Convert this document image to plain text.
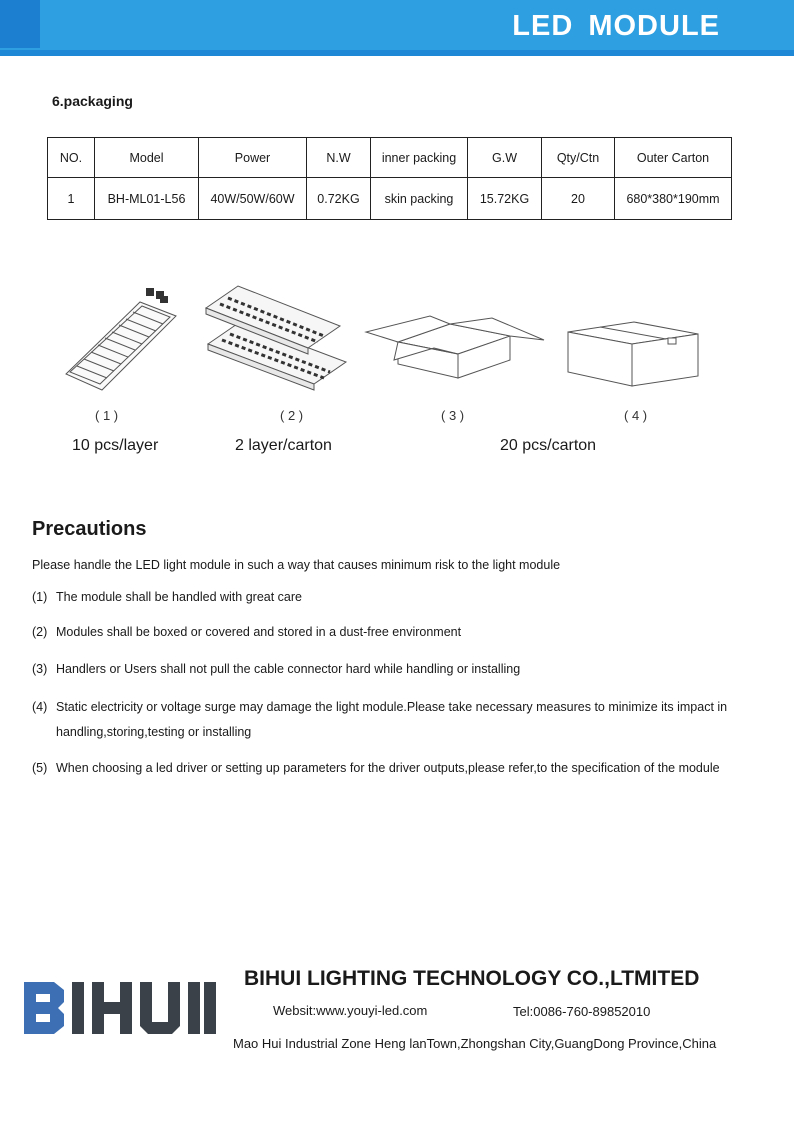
LED MODULE
6.packaging
NO.	Model	Power	N.W	inner packing	G.W	Qty/Ctn	Outer Carton
1	BH-ML01-L56	40W/50W/60W	0.72KG	skin packing	15.72KG	20	680*380*190mm
( 1 )	( 2 )	( 3 )	( 4 )
10 pcs/layer	2 layer/carton	20 pcs/carton
Precautions
Please handle the LED light module in such a way that causes minimum risk to the light module
(1) The module shall be handled with great care
(2) Modules shall be boxed or covered and stored in a dust-free environment
(3) Handlers or Users shall not pull the cable connector hard while handling or installing
(4) Static electricity or voltage surge may damage the light module.Please take necessary measures to minimize its impact in
handling,storing,testing or installing
(5) When choosing a led driver or setting up parameters for the driver outputs,please refer,to the specification of the module
BIHUI LIGHTING TECHNOLOGY CO.,LTMITED
Websit:www.youyi-led.com	Tel:0086-760-89852010
Mao Hui Industrial Zone Heng lanTown,Zhongshan City,GuangDong Province,China
